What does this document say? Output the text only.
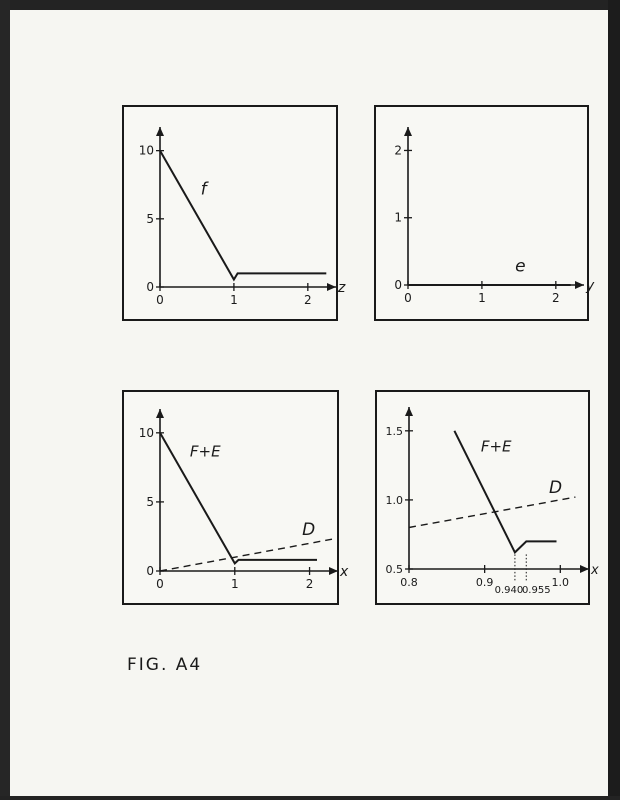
z
0	1	2
0
5
10
f
y
0	1	2
0
1
2
e
x
0	1	2
0
5
10
F+E
D
x
0.8	0.9	1.0
0.5
1.0
1.5
F+E
D
0.940
0.955
FIG. A4
